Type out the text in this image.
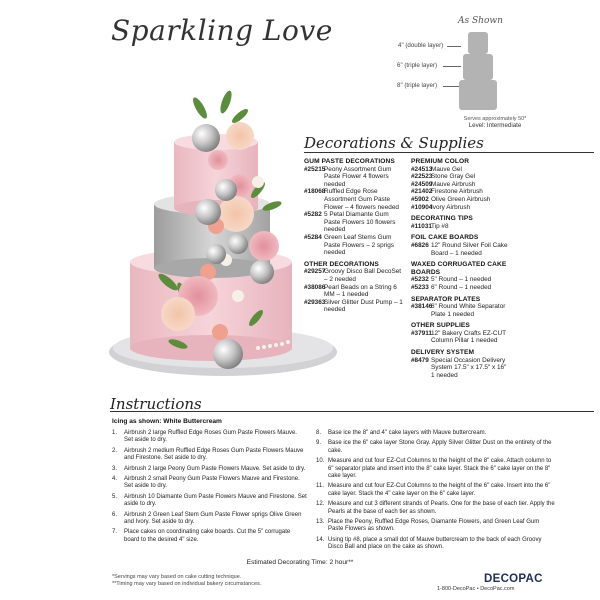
Sparkling Love	As Shown
4" (double layer)
6" (triple layer)
8" (triple layer)
Serves approximately 50*
Level: Intermediate
Decorations & Supplies
GUM PASTE DECORATIONS
#25215
Peony Assortment Gum Paste Flower 4 flowers needed
#18068
Ruffled Edge Rose Assortment Gum Paste Flower – 4 flowers needed
#5282 5 Petal Diamante Gum Paste Flowers 10 flowers needed
#5284 Green Leaf Stems Gum Paste Flowers – 2 sprigs needed
OTHER DECORATIONS
#29257
Groovy Disco Ball DecoSet – 2 needed
#38086
Pearl Beads on a String 6 MM – 1 needed
#29363
Silver Glitter Dust Pump – 1 needed
PREMIUM COLOR
#24513
Mauve Gel
#22523
Stone Gray Gel
#24509
Mauve Airbrush
#21402
Firestone Airbrush
#5902 Olive Green Airbrush
#10904
Ivory Airbrush
DECORATING TIPS
#11031 Tip #8
FOIL CAKE BOARDS
#6826 12" Round Silver Foil Cake Board – 1 needed
WAXED CORRUGATED CAKE BOARDS
#5232 5" Round – 1 needed
#5233 6" Round – 1 needed
SEPARATOR PLATES
#38146
6" Round White Separator Plate 1 needed
OTHER SUPPLIES
#37911 12" Bakery Crafts EZ-CUT Column Pillar 1 needed
DELIVERY SYSTEM
#8479 Special Occasion Delivery System 17.5" x 17.5" x 16" 1 needed
Instructions
Icing as shown: White Buttercream
1.	Airbrush 2 large Ruffled Edge Roses Gum Paste Flowers Mauve. Set aside to dry.
2.	Airbrush 2 medium Ruffled Edge Roses Gum Paste Flowers Mauve and Firestone. Set aside to dry.
3.	Airbrush 2 large Peony Gum Paste Flowers Mauve. Set aside to dry.
4.	Airbrush 2 small Peony Gum Paste Flowers Mauve and Firestone. Set aside to dry.
5.	Airbrush 10 Diamante Gum Paste Flowers Mauve and Firestone. Set aside to dry.
6.	Airbrush 2 Green Leaf Stem Gum Paste Flower sprigs Olive Green and Ivory. Set aside to dry.
7.	Place cakes on coordinating cake boards. Cut the 5" corrugate board to the desired 4" size.
8.	Base ice the 8" and 4" cake layers with Mauve buttercream.
9.	Base ice the 6" cake layer Stone Gray. Apply Silver Glitter Dust on the entirety of the cake.
10. Measure and cut four EZ-Cut Columns to the height of the 8" cake. Attach column to 6" separator plate and insert into the 8" cake layer. Stack the 6" cake layer on the 8" cake layer.
11. Measure and cut four EZ-Cut Columns to the height of the 6" cake. Insert into the 6" cake layer. Stack the 4" cake layer on the 6" cake layer.
12. Measure and cut 3 different strands of Pearls. One for the base of each tier. Apply the Pearls at the base of each tier as shown.
13. Place the Peony, Ruffled Edge Roses, Diamante Flowers, and Green Leaf Gum Paste Flowers as shown.
14. Using tip #8, place a small dot of Mauve buttercream to the back of each Groovy Disco Ball and place on the cake as shown.
Estimated Decorating Time: 2 hour**
*Servings may vary based on cake cutting technique.
**Timing may vary based on individual bakery circumstances.	DECOPAC
1-800-DecoPac • DecoPac.com
